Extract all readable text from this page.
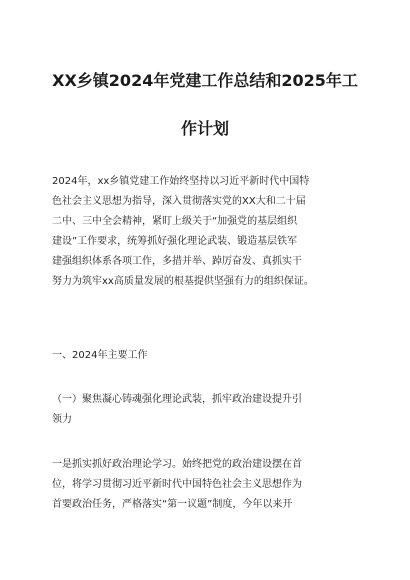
XX乡镇2024年党建工作总结和2025年工
作计划
2024年，xx乡镇党建工作始终坚持以习近平新时代中国特
色社会主义思想为指导，深入贯彻落实党的XX大和二十届
二中、三中全会精神，紧盯上级关于“加强党的基层组织
建设”工作要求，统筹抓好强化理论武装、锻造基层铁军
建强组织体系各项工作，多措并举、踔厉奋发、真抓实干
努力为筑牢xx高质量发展的根基提供坚强有力的组织保证。
一、2024年主要工作
（一）聚焦凝心铸魂强化理论武装，抓牢政治建设提升引
领力
一是抓实抓好政治理论学习。始终把党的政治建设摆在首
位，将学习贯彻习近平新时代中国特色社会主义思想作为
首要政治任务，严格落实“第一议题”制度，今年以来开
